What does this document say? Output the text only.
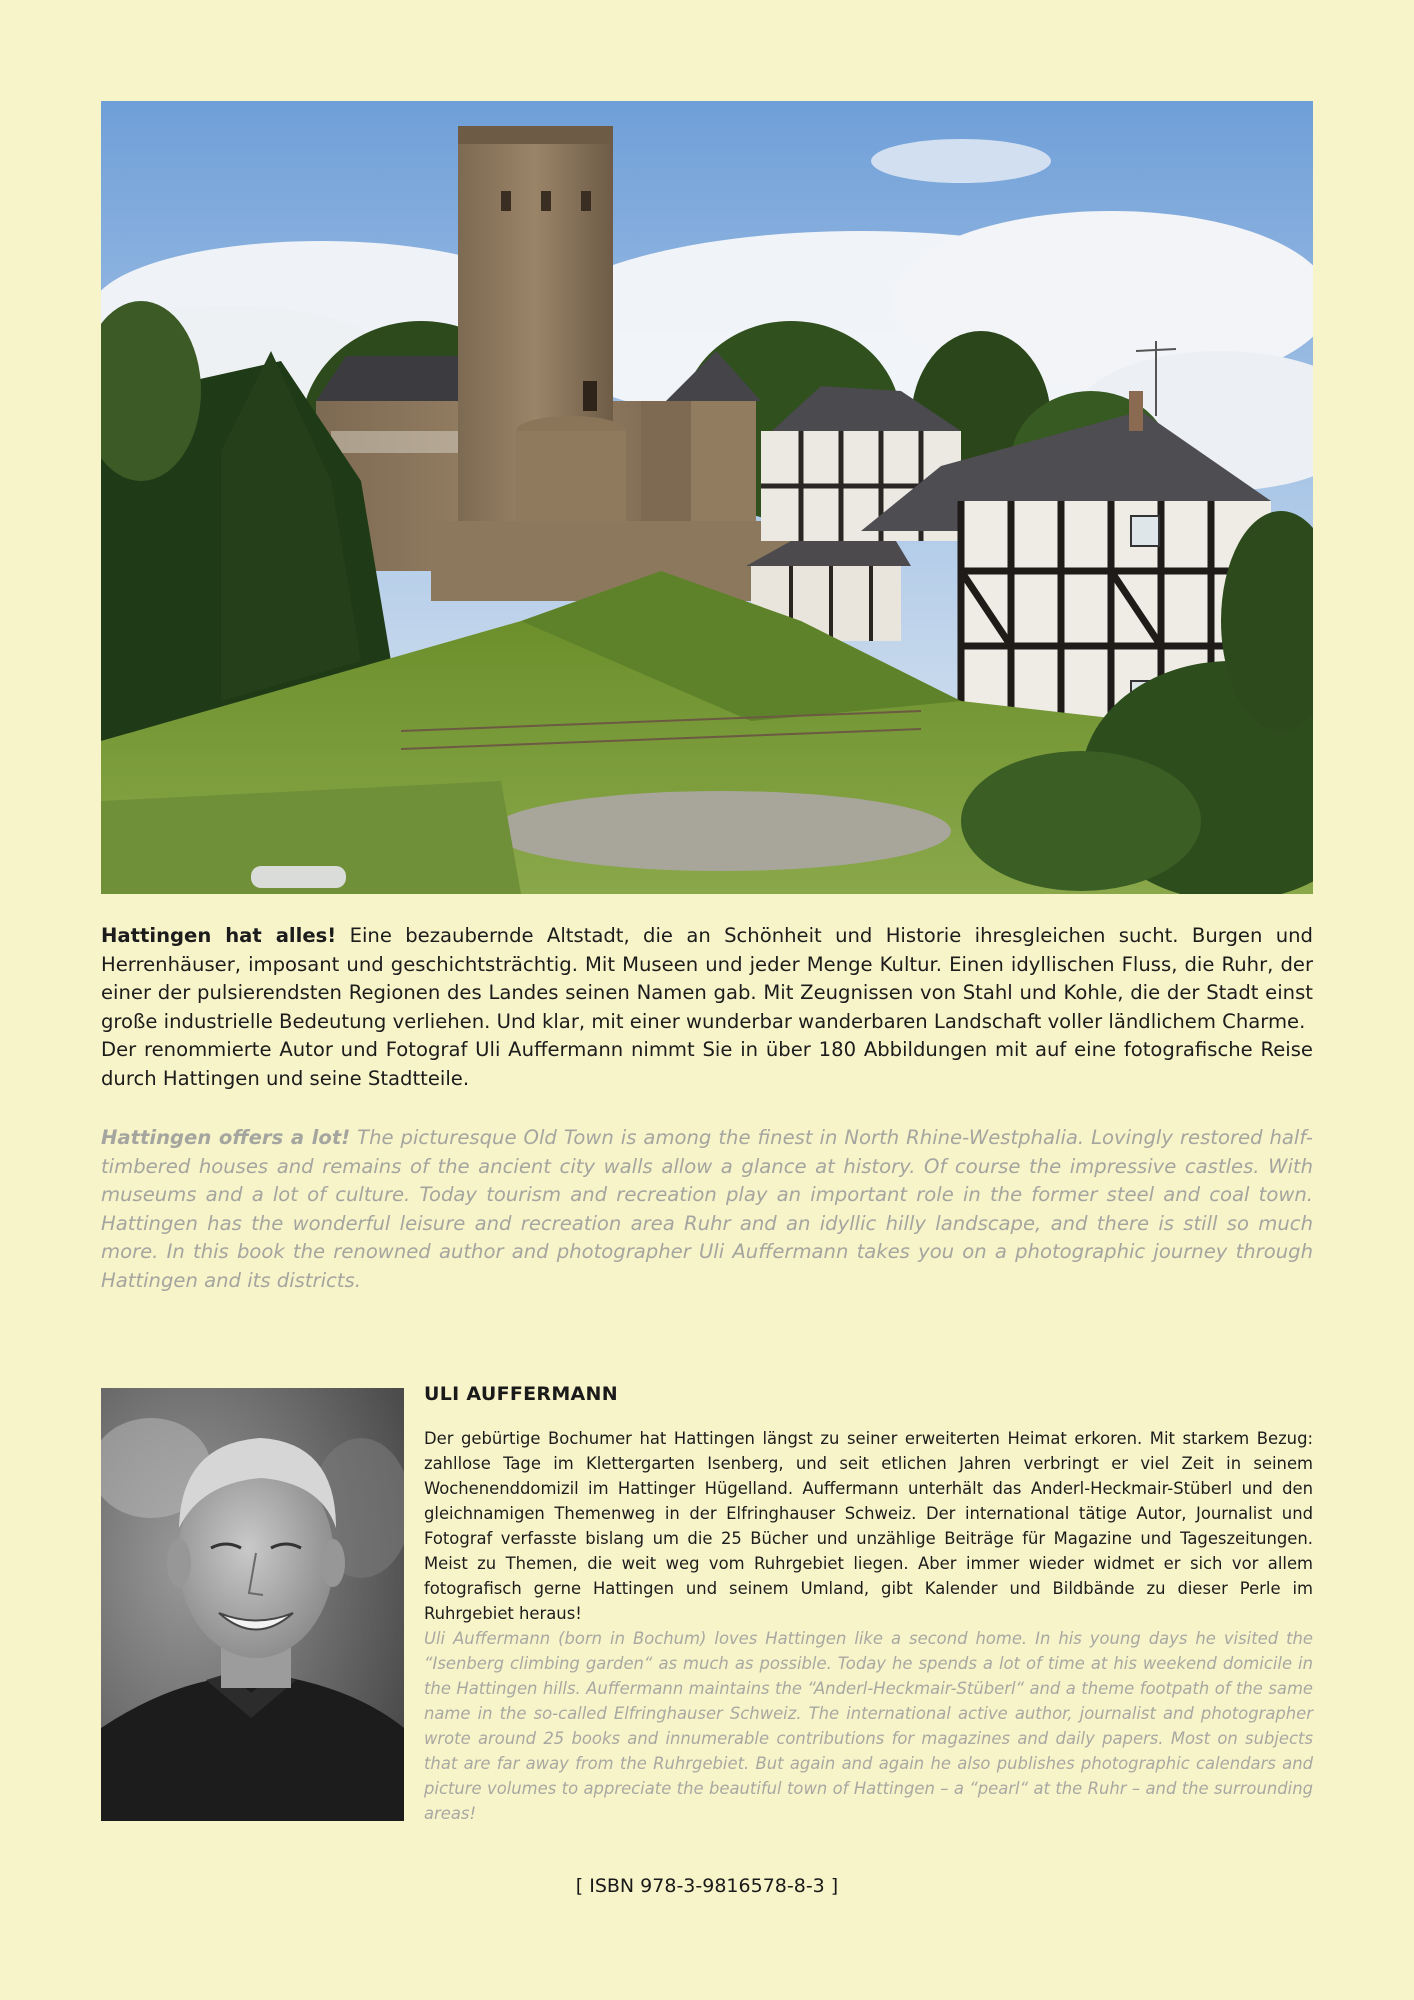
Hattingen hat alles! Eine bezaubernde Altstadt, die an Schönheit und Historie ihresgleichen sucht. Burgen und Herrenhäuser, imposant und geschichtsträchtig. Mit Museen und jeder Menge Kultur. Einen idyllischen Fluss, die Ruhr, der einer der pulsierendsten Regionen des Landes seinen Namen gab. Mit Zeugnissen von Stahl und Kohle, die der Stadt einst große industrielle Bedeutung verliehen. Und klar, mit einer wunderbar wanderbaren Landschaft voller ländlichem Charme.

Der renommierte Autor und Fotograf Uli Auffermann nimmt Sie in über 180 Abbildungen mit auf eine fotografische Reise durch Hattingen und seine Stadtteile.

Hattingen offers a lot! The picturesque Old Town is among the finest in North Rhine-Westphalia. Lovingly restored half-timbered houses and remains of the ancient city walls allow a glance at history. Of course the impressive castles. With museums and a lot of culture. Today tourism and recreation play an important role in the former steel and coal town. Hattingen has the wonderful leisure and recreation area Ruhr and an idyllic hilly landscape, and there is still so much more. In this book the renowned author and photographer Uli Auffermann takes you on a photographic journey through Hattingen and its districts.

ULI AUFFERMANN

Der gebürtige Bochumer hat Hattingen längst zu seiner erweiterten Heimat erkoren. Mit starkem Bezug: zahllose Tage im Klettergarten Isenberg, und seit etlichen Jahren verbringt er viel Zeit in seinem Wochenenddomizil im Hattinger Hügelland. Auffermann unterhält das Anderl-Heckmair-Stüberl und den gleichnamigen Themenweg in der Elfringhauser Schweiz. Der international tätige Autor, Journalist und Fotograf verfasste bislang um die 25 Bücher und unzählige Beiträge für Magazine und Tageszeitungen. Meist zu Themen, die weit weg vom Ruhrgebiet liegen. Aber immer wieder widmet er sich vor allem fotografisch gerne Hattingen und seinem Umland, gibt Kalender und Bildbände zu dieser Perle im Ruhrgebiet heraus!

Uli Auffermann (born in Bochum) loves Hattingen like a second home. In his young days he visited the “Isenberg climbing garden“ as much as possible. Today he spends a lot of time at his weekend domicile in the Hattingen hills. Auffermann maintains the “Anderl-Heckmair-Stüberl“ and a theme footpath of the same name in the so-called Elfringhauser Schweiz. The international active author, journalist and photographer wrote around 25 books and innumerable contributions for magazines and daily papers. Most on subjects that are far away from the Ruhrgebiet. But again and again he also publishes photographic calendars and picture volumes to appreciate the beautiful town of Hattingen – a “pearl“ at the Ruhr – and the surrounding areas!

[ ISBN 978-3-9816578-8-3 ]
